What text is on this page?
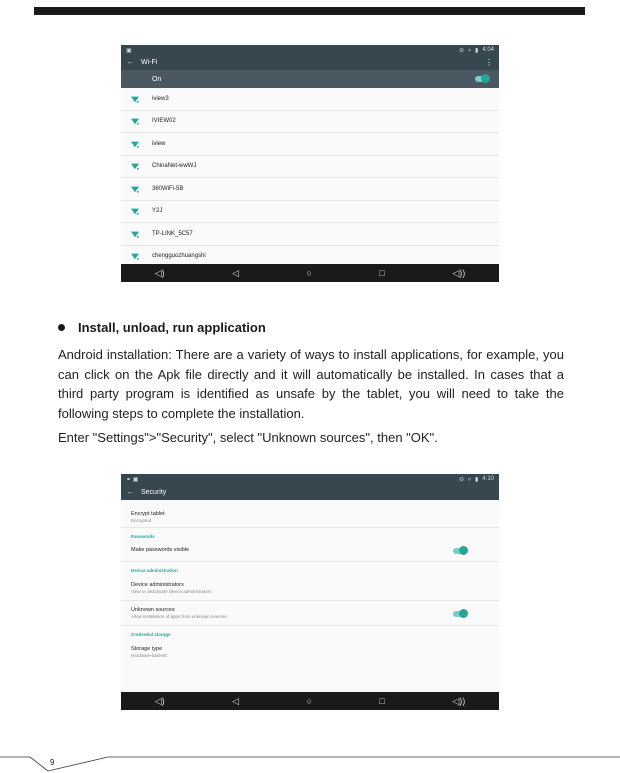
▣	⊖ ▿ ▮ 4:04
←	Wi-Fi	⋮
On
iview3
IVIEW02
iview
ChinaNet-wwWJ
360WiFi-5B
Y2J
TP-LINK_5C57
chengguozhuangshi
◁)	◁	○	□	◁))
Install, unload, run application
Android installation: There are a variety of ways to install applications, for example, you can click on the Apk file directly and it will automatically be installed. In cases that a third party program is identified as unsafe by the tablet, you will need to take the following steps to complete the installation.
Enter "Settings">"Security", select "Unknown sources", then "OK".
⚭ ▣	⊖ ▿ ▮ 4:10
←	Security
Encrypt tablet
Encrypted
Passwords
Make passwords visible
Device administration
Device administrators
View or deactivate device administrators
Unknown sources
Allow installation of apps from unknown sources
Credential storage
Storage type
Hardware-backed
◁)	◁	○	□	◁))
9
